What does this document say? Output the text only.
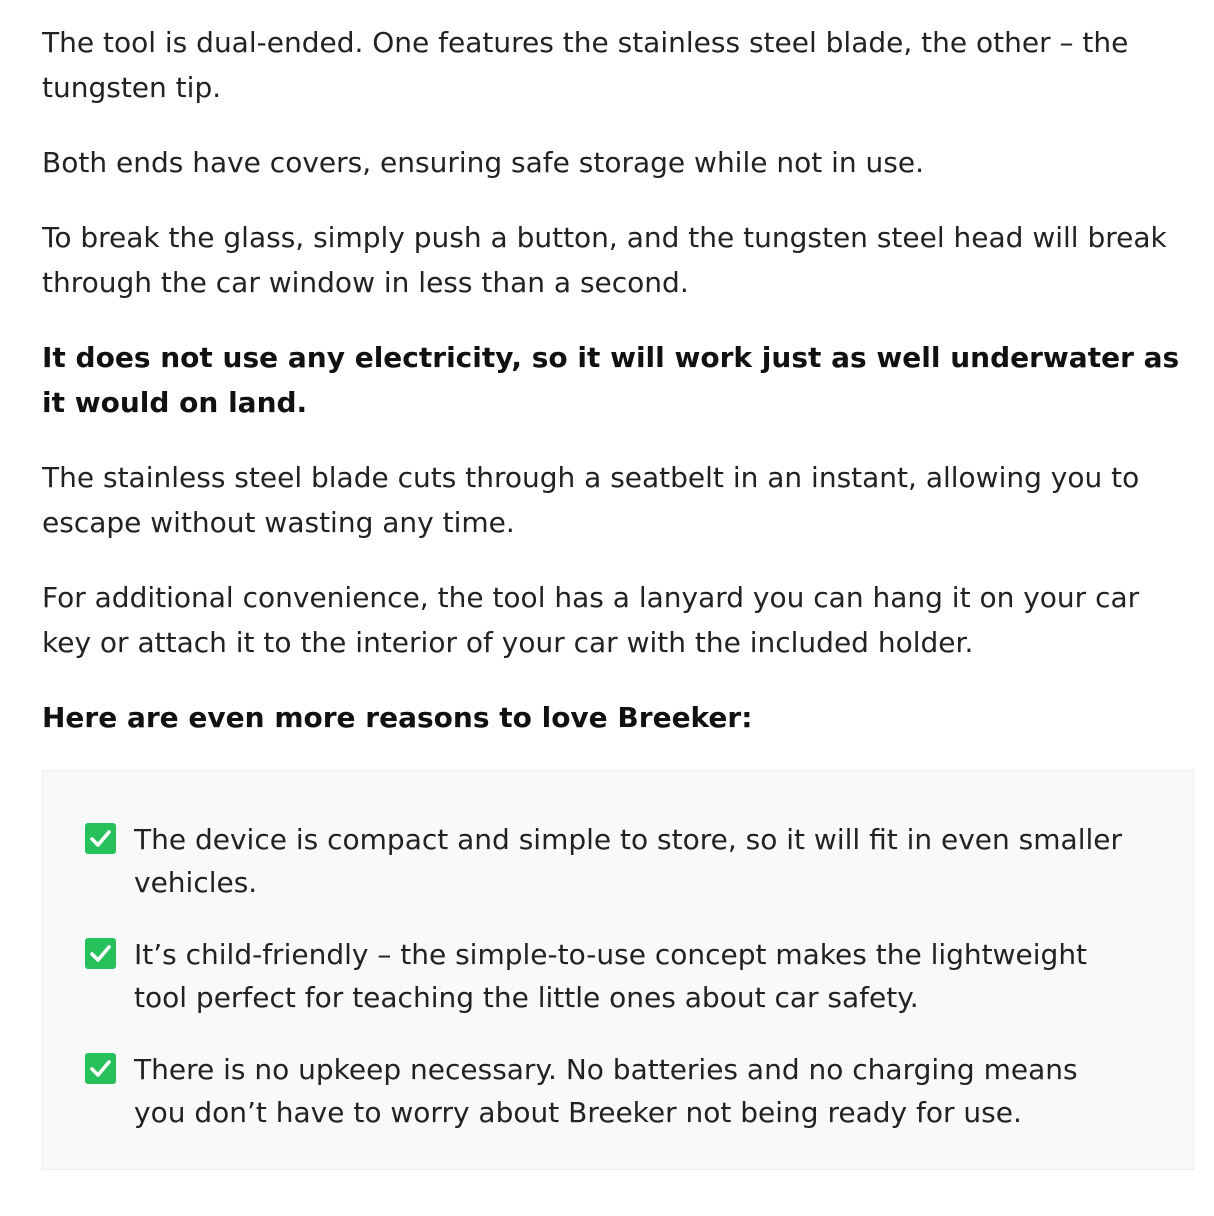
The tool is dual-ended. One features the stainless steel blade, the other – the tungsten tip.

Both ends have covers, ensuring safe storage while not in use.

To break the glass, simply push a button, and the tungsten steel head will break through the car window in less than a second.

It does not use any electricity, so it will work just as well underwater as it would on land.

The stainless steel blade cuts through a seatbelt in an instant, allowing you to escape without wasting any time.

For additional convenience, the tool has a lanyard you can hang it on your car key or attach it to the interior of your car with the included holder.

Here are even more reasons to love Breeker:
The device is compact and simple to store, so it will fit in even smaller vehicles.
It’s child-friendly – the simple-to-use concept makes the lightweight tool perfect for teaching the little ones about car safety.
There is no upkeep necessary. No batteries and no charging means you don’t have to worry about Breeker not being ready for use.
